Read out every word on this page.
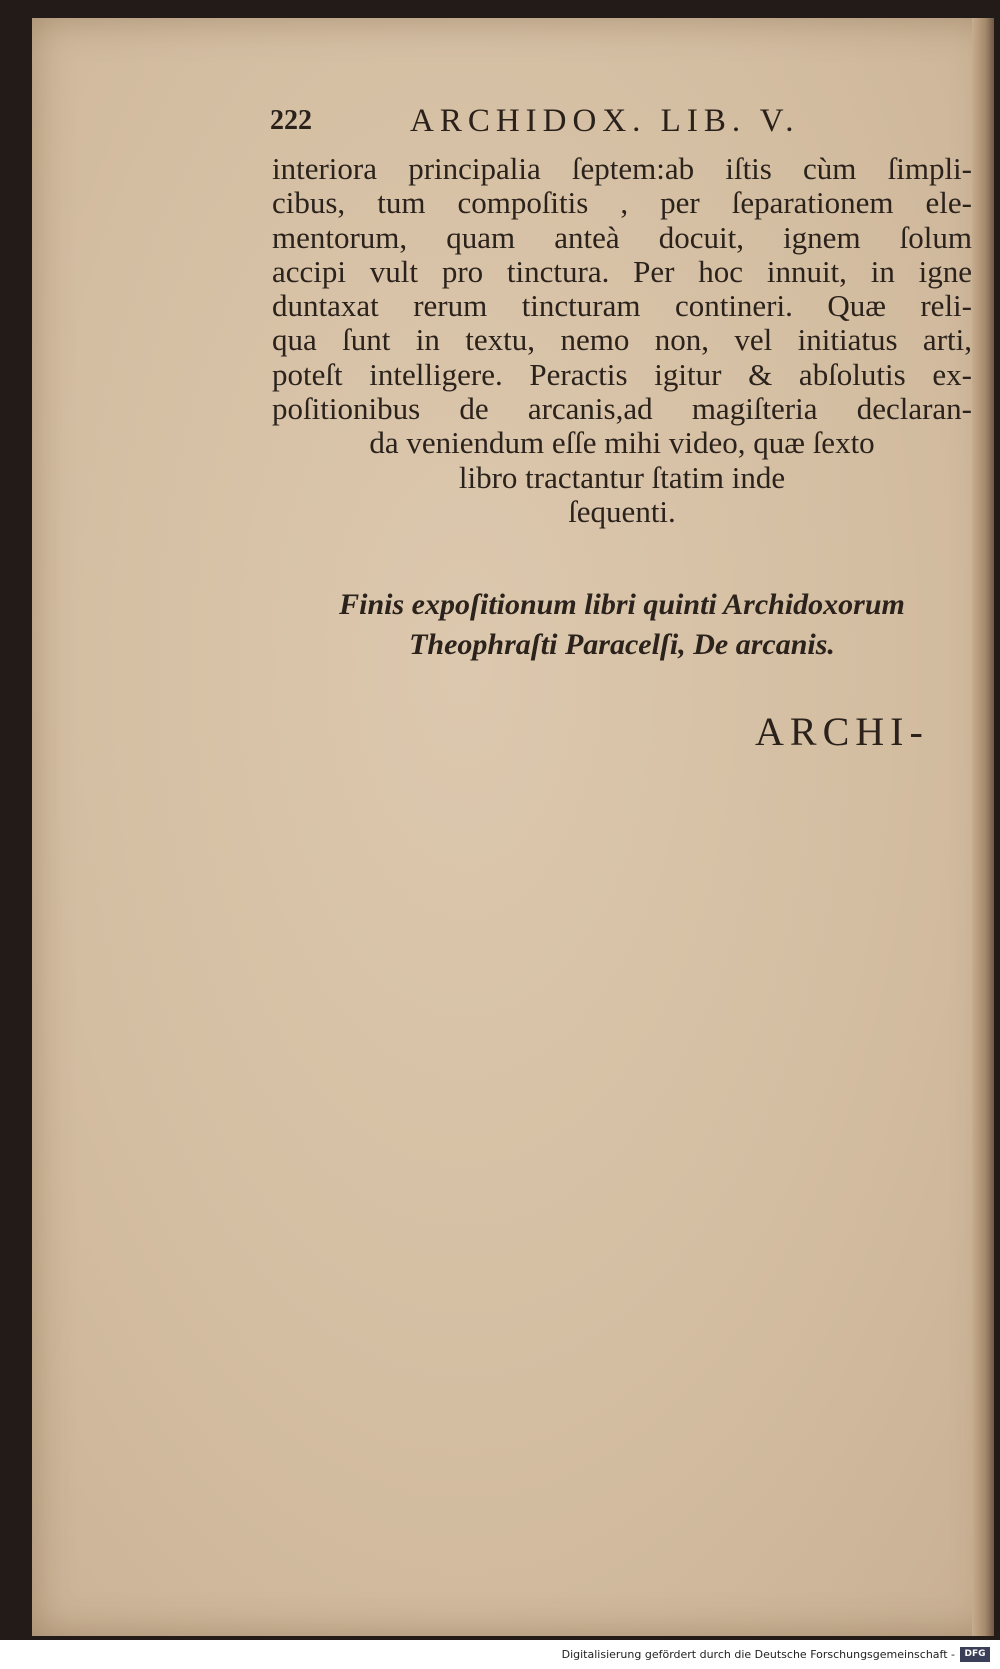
222	ARCHIDOX. LIB. V.
interiora principalia ſeptem:ab iſtis cùm ſimpli-
cibus, tum compoſitis , per ſeparationem ele-
mentorum, quam anteà docuit, ignem ſolum
accipi vult pro tinctura. Per hoc innuit, in igne
duntaxat rerum tincturam contineri. Quæ reli-
qua ſunt in textu, nemo non, vel initiatus arti,
poteſt intelligere. Peractis igitur & abſolutis ex-
poſitionibus de arcanis,ad magiſteria declaran-
da veniendum eſſe mihi video, quæ ſexto
libro tractantur ſtatim inde
ſequenti.
Finis expoſitionum libri quinti Archidoxorum
Theophraſti Paracelſi, De arcanis.
ARCHI-
Digitalisierung gefördert durch die Deutsche Forschungsgemeinschaft -	DFG
